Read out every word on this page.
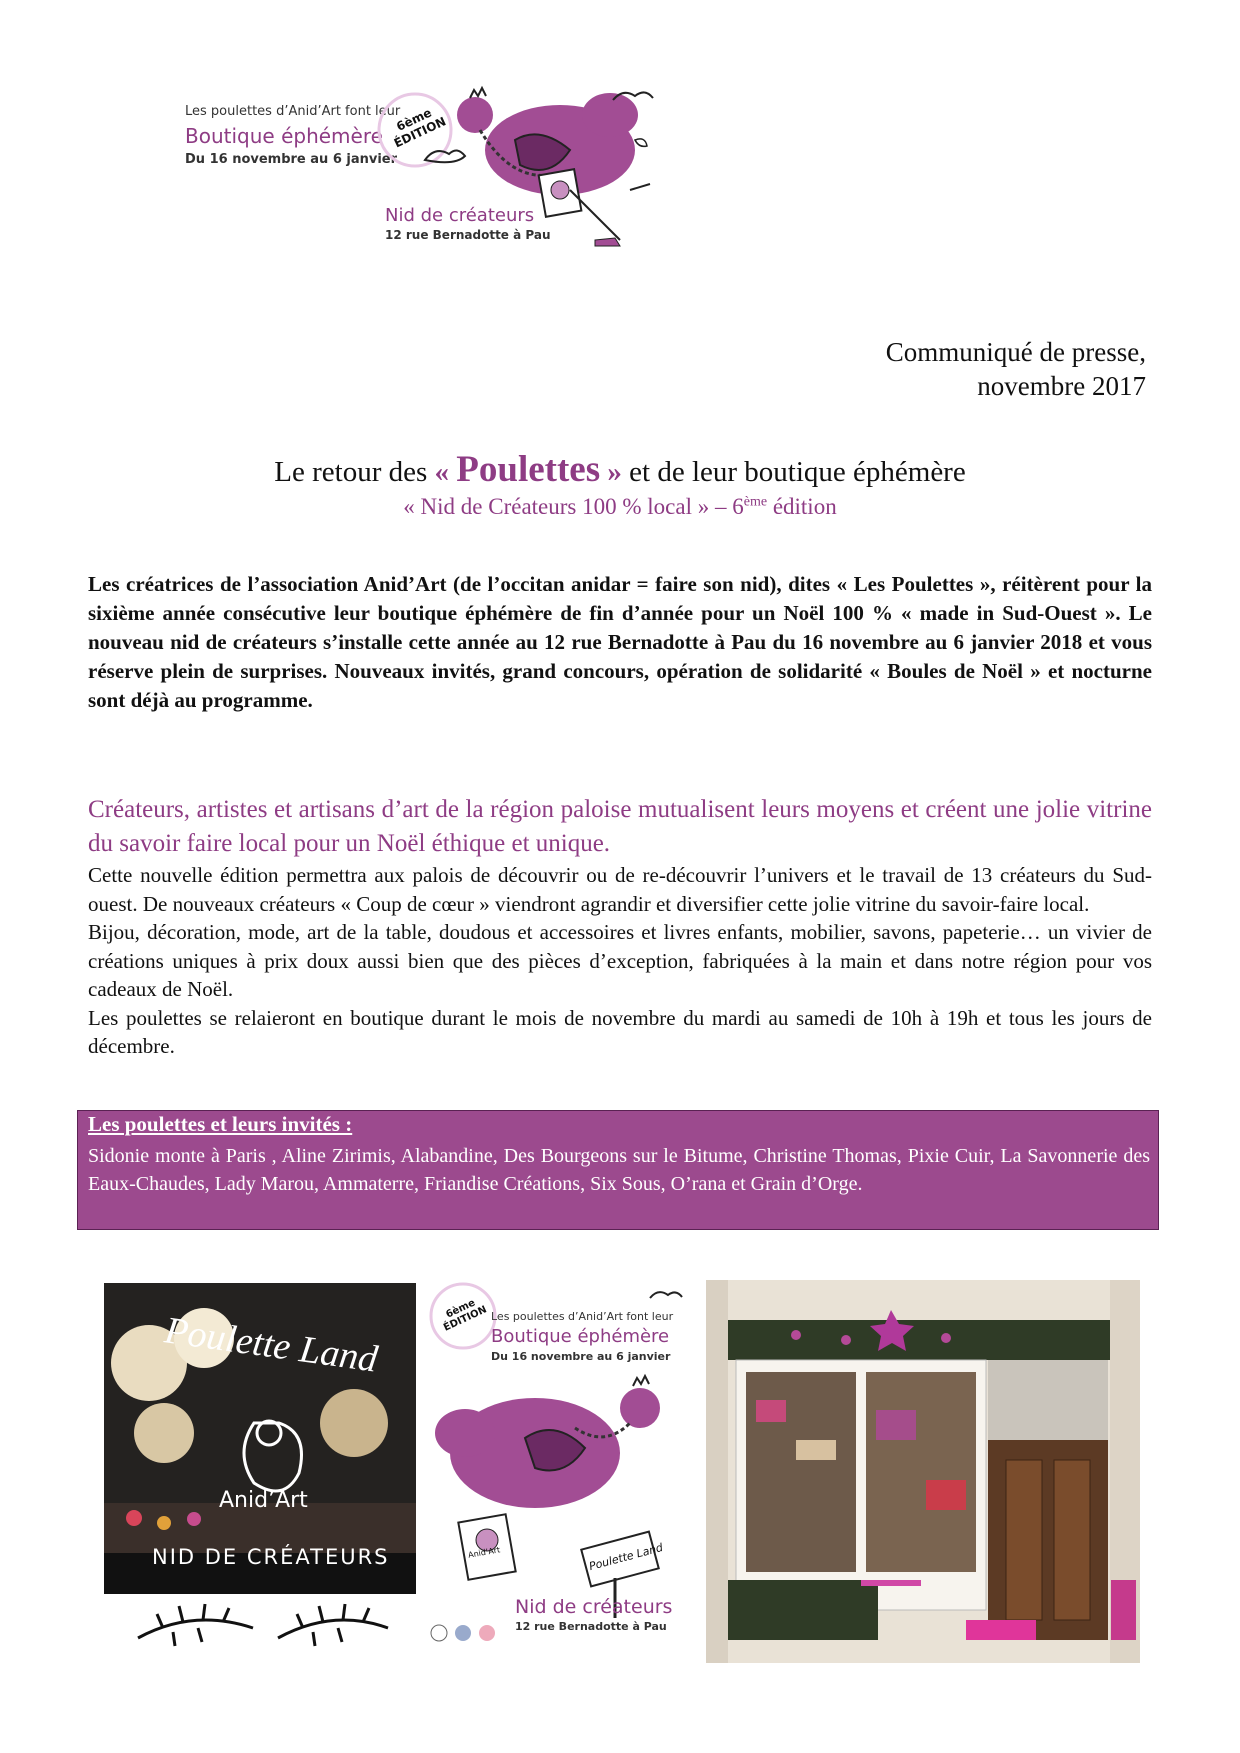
Les poulettes d’Anid’Art font leur
Boutique éphémère
Du 16 novembre au 6 janvier
6ème ÉDITION
Nid de créateurs
12 rue Bernadotte à Pau
Communiqué de presse,
novembre 2017
Le retour des « Poulettes » et de leur boutique éphémère
« Nid de Créateurs 100 % local » – 6ème édition
Les créatrices de l’association Anid’Art (de l’occitan anidar = faire son nid), dites « Les Poulettes », réitèrent pour la sixième année consécutive leur boutique éphémère de fin d’année pour un Noël 100 % « made in Sud-Ouest ». Le nouveau nid de créateurs s’installe cette année au 12 rue Bernadotte à Pau du 16 novembre au 6 janvier 2018 et vous réserve plein de surprises. Nouveaux invités, grand concours, opération de solidarité « Boules de Noël » et nocturne sont déjà au programme.
Créateurs, artistes et artisans d’art de la région paloise mutualisent leurs moyens et créent une jolie vitrine du savoir faire local pour un Noël éthique et unique.

Cette nouvelle édition permettra aux palois de découvrir ou de re-découvrir l’univers et le travail de 13 créateurs du Sud-ouest. De nouveaux créateurs « Coup de cœur » viendront agrandir et diversifier cette jolie vitrine du savoir-faire local.

Bijou, décoration, mode, art de la table, doudous et accessoires et livres enfants, mobilier, savons, papeterie… un vivier de créations uniques à prix doux aussi bien que des pièces d’exception, fabriquées à la main et dans notre région pour vos cadeaux de Noël.

Les poulettes se relaieront en boutique durant le mois de novembre du mardi au samedi de 10h à 19h et tous les jours de décembre.

Les poulettes et leurs invités :
Sidonie monte à Paris , Aline Zirimis, Alabandine, Des Bourgeons sur le Bitume, Christine Thomas, Pixie Cuir, La Savonnerie des Eaux-Chaudes, Lady Marou, Ammaterre, Friandise Créations, Six Sous, O’rana et Grain d’Orge.
Poulette Land
Anid’Art
NID DE CRÉATEURS
6ème ÉDITION Les poulettes d’Anid’Art font leur
Boutique éphémère
Du 16 novembre au 6 janvier
Poulette Land
Anid’Art
Nid de créateurs
12 rue Bernadotte à Pau
